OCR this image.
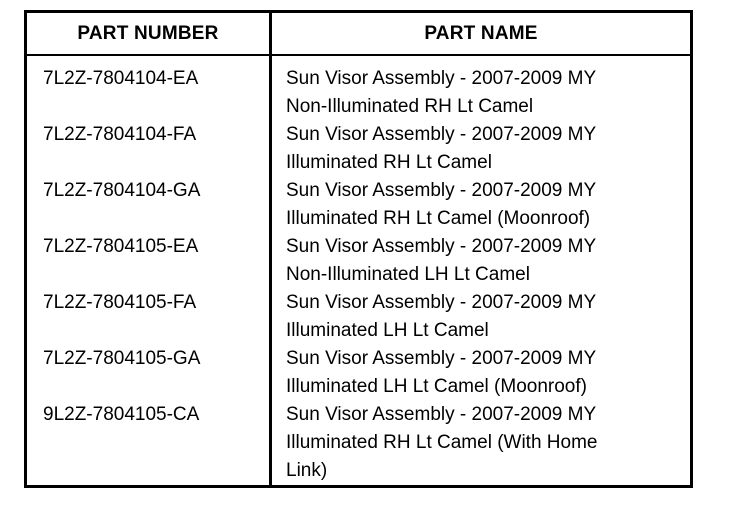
PART NUMBER	PART NAME
7L2Z-7804104-EA	Sun Visor Assembly - 2007-2009 MY
Non-Illuminated RH Lt Camel
7L2Z-7804104-FA	Sun Visor Assembly - 2007-2009 MY
Illuminated RH Lt Camel
7L2Z-7804104-GA	Sun Visor Assembly - 2007-2009 MY
Illuminated RH Lt Camel (Moonroof)
7L2Z-7804105-EA	Sun Visor Assembly - 2007-2009 MY
Non-Illuminated LH Lt Camel
7L2Z-7804105-FA	Sun Visor Assembly - 2007-2009 MY
Illuminated LH Lt Camel
7L2Z-7804105-GA	Sun Visor Assembly - 2007-2009 MY
Illuminated LH Lt Camel (Moonroof)
9L2Z-7804105-CA	Sun Visor Assembly - 2007-2009 MY
Illuminated RH Lt Camel (With Home
Link)
